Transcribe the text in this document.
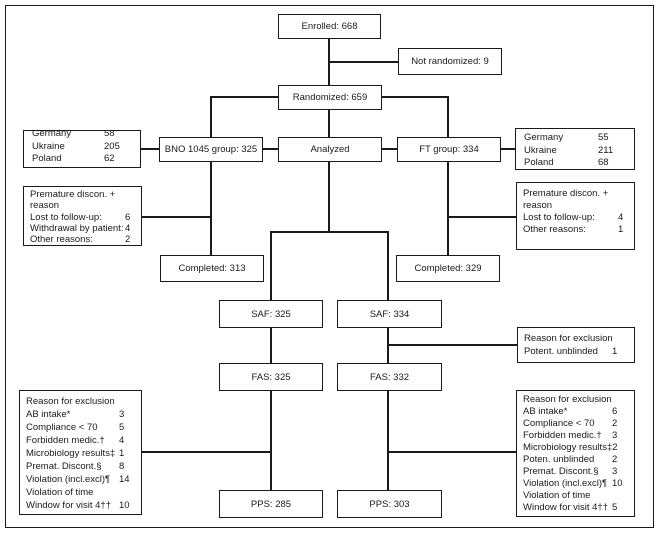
Enrolled: 668
Not randomized: 9
Randomized: 659
BNO 1045 group: 325	Analyzed	FT group: 334
Completed: 313	Completed: 329
SAF: 325	SAF: 334
FAS: 325	FAS: 332
PPS: 285	PPS: 303
Germany	58
Ukraine	205
Poland	62
Germany	55
Ukraine	211
Poland	68
Premature discon. +
reason
Lost to follow-up: 6
Withdrawal by patient: 4
Other reasons:	2
Premature discon. +
reason
Lost to follow-up: 4
Other reasons:	1
Reason for exclusion
Potent. unblinded 1
Reason for exclusion
AB intake*	3
Compliance < 70 5
Forbidden medic.† 4
Microbiology results‡ 1
Premat. Discont.§ 8
Violation (incl.excl)¶ 14
Violation of time
Window for visit 4†† 10
Reason for exclusion
AB intake*	6
Compliance < 70 2
Forbidden medic.† 3
Microbiology results‡ 2
Poten. unblinded 2
Premat. Discont.§ 3
Violation (incl.excl)¶ 10
Violation of time
Window for visit 4†† 5
